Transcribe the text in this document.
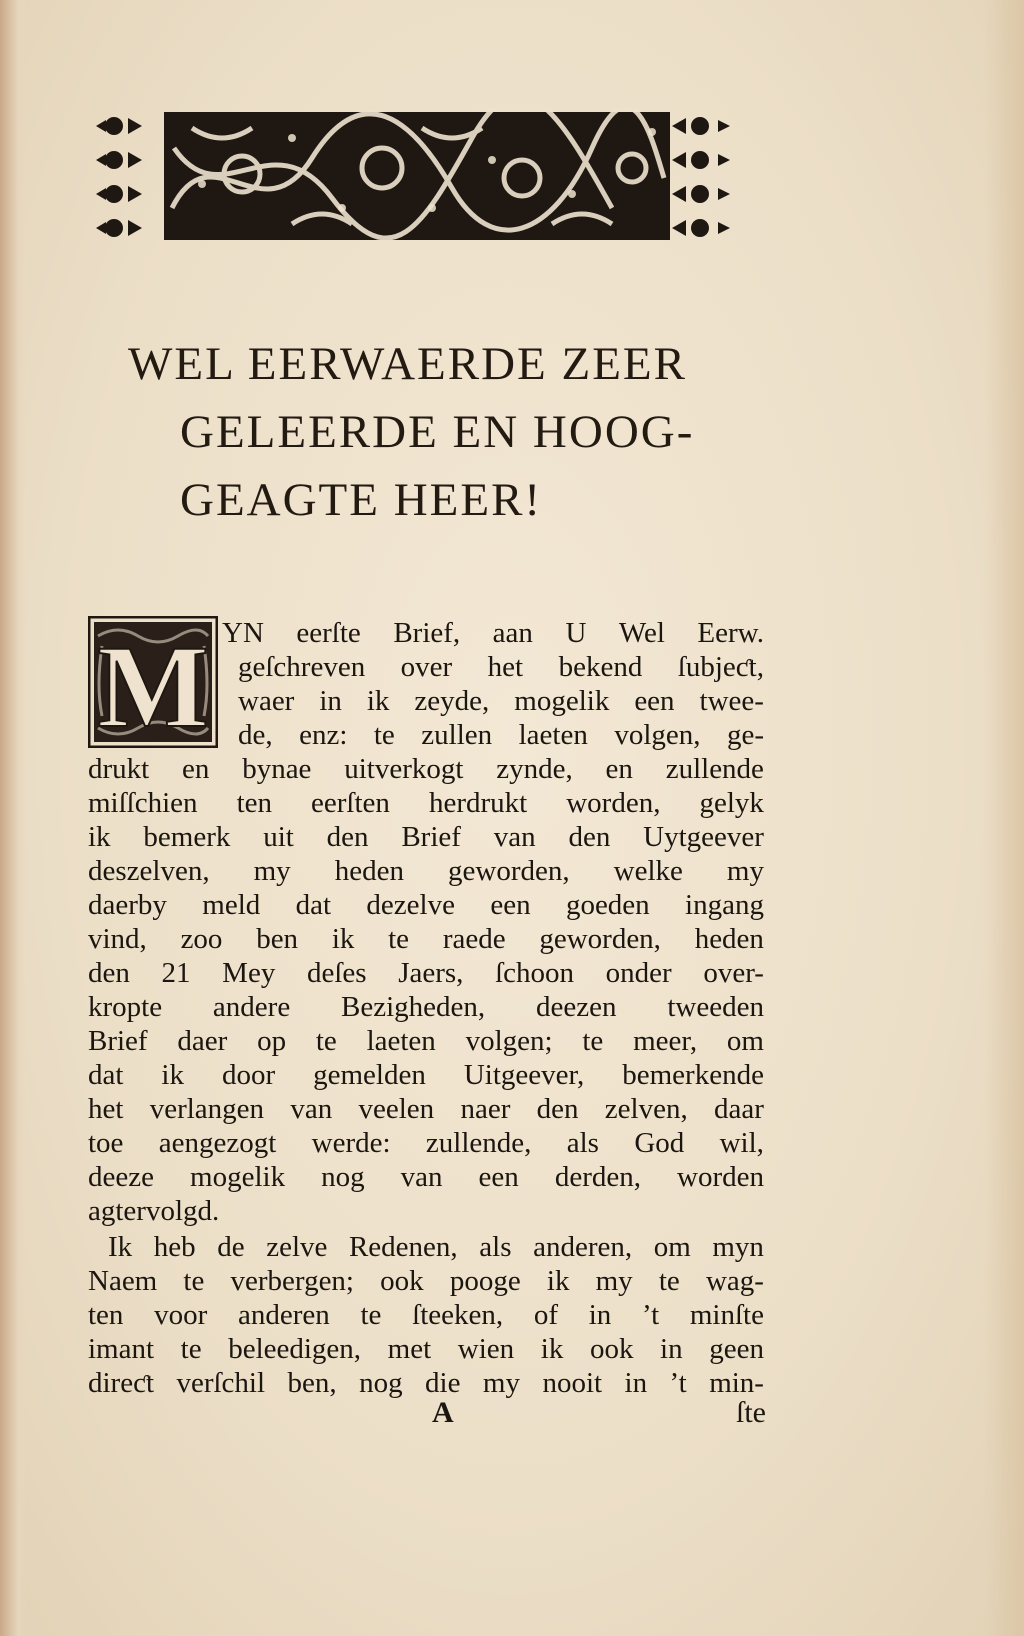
WEL EERWAERDE ZEER
GELEERDE EN HOOG-
GEAGTE HEER!
M YN eerſte Brief, aan U Wel Eerw.
geſchreven over het bekend ſubjeƈt,
waer in ik zeyde, mogelik een twee-
de, enz: te zullen laeten volgen, ge-
drukt en bynae uitverkogt zynde, en zullende
miſſchien ten eerſten herdrukt worden, gelyk
ik bemerk uit den Brief van den Uytgeever
deszelven, my heden geworden, welke my
daerby meld dat dezelve een goeden ingang
vind, zoo ben ik te raede geworden, heden
den 21 Mey deſes Jaers, ſchoon onder over-
kropte andere Bezigheden, deezen tweeden
Brief daer op te laeten volgen; te meer, om
dat ik door gemelden Uitgeever, bemerkende
het verlangen van veelen naer den zelven, daar
toe aengezogt werde: zullende, als God wil,
deeze mogelik nog van een derden, worden
agtervolgd.
Ik heb de zelve Redenen, als anderen, om myn
Naem te verbergen; ook pooge ik my te wag-
ten voor anderen te ſteeken, of in ’t minſte
imant te beleedigen, met wien ik ook in geen
direƈt verſchil ben, nog die my nooit in ’t min-
A	ſte
